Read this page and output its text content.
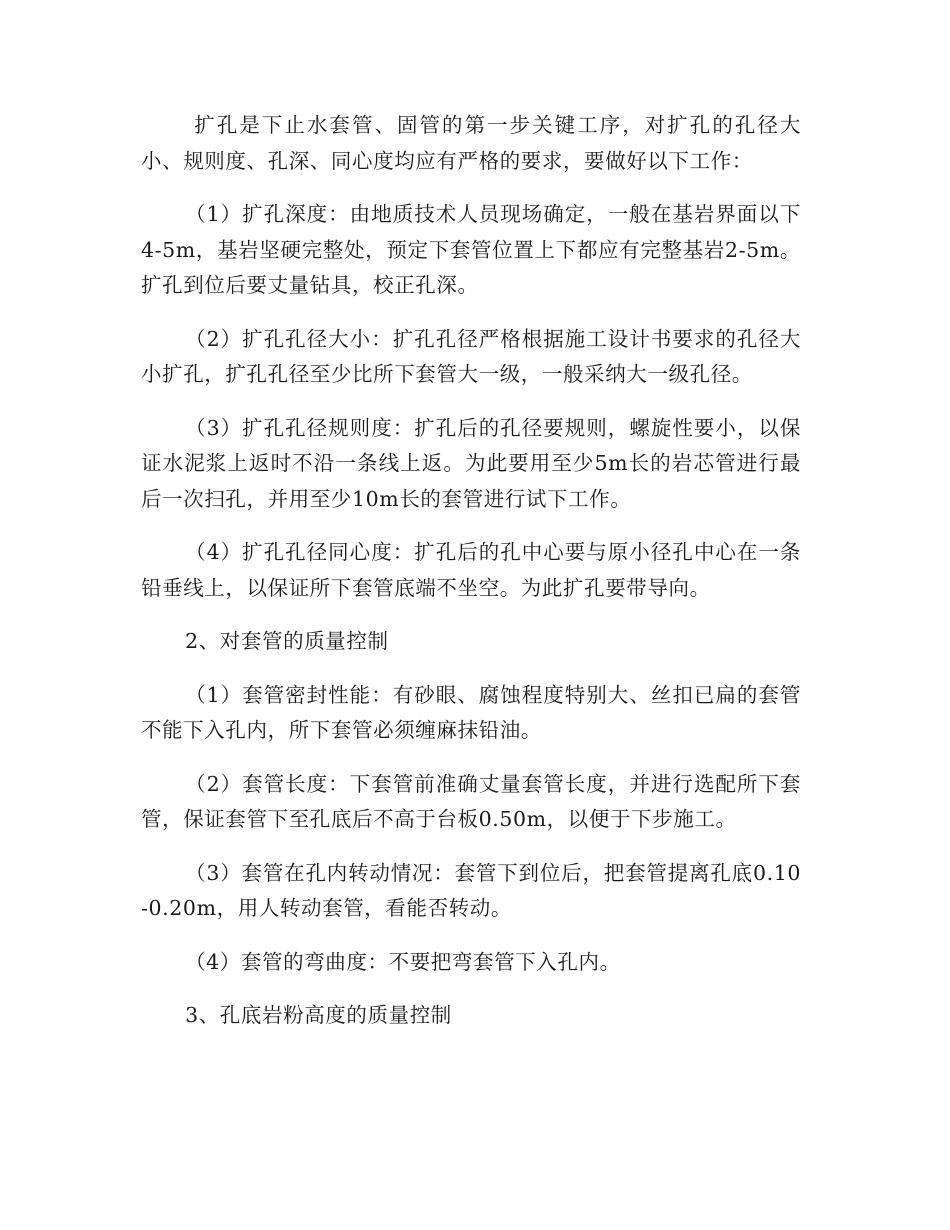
扩孔是下止水套管、固管的第一步关键工序，对扩孔的孔径大小、规则度、孔深、同心度均应有严格的要求，要做好以下工作：

（1）扩孔深度：由地质技术人员现场确定，一般在基岩界面以下4-5m，基岩坚硬完整处，预定下套管位置上下都应有完整基岩2-5m。扩孔到位后要丈量钻具，校正孔深。

（2）扩孔孔径大小：扩孔孔径严格根据施工设计书要求的孔径大小扩孔，扩孔孔径至少比所下套管大一级，一般采纳大一级孔径。

（3）扩孔孔径规则度：扩孔后的孔径要规则，螺旋性要小，以保证水泥浆上返时不沿一条线上返。为此要用至少5m长的岩芯管进行最后一次扫孔，并用至少10m长的套管进行试下工作。

（4）扩孔孔径同心度：扩孔后的孔中心要与原小径孔中心在一条铅垂线上，以保证所下套管底端不坐空。为此扩孔要带导向。

2、对套管的质量控制

（1）套管密封性能：有砂眼、腐蚀程度特别大、丝扣已扁的套管不能下入孔内，所下套管必须缠麻抹铅油。

（2）套管长度：下套管前准确丈量套管长度，并进行选配所下套管，保证套管下至孔底后不高于台板0.50m，以便于下步施工。

（3）套管在孔内转动情况：套管下到位后，把套管提离孔底0.10-0.20m，用人转动套管，看能否转动。

（4）套管的弯曲度：不要把弯套管下入孔内。

3、孔底岩粉高度的质量控制
